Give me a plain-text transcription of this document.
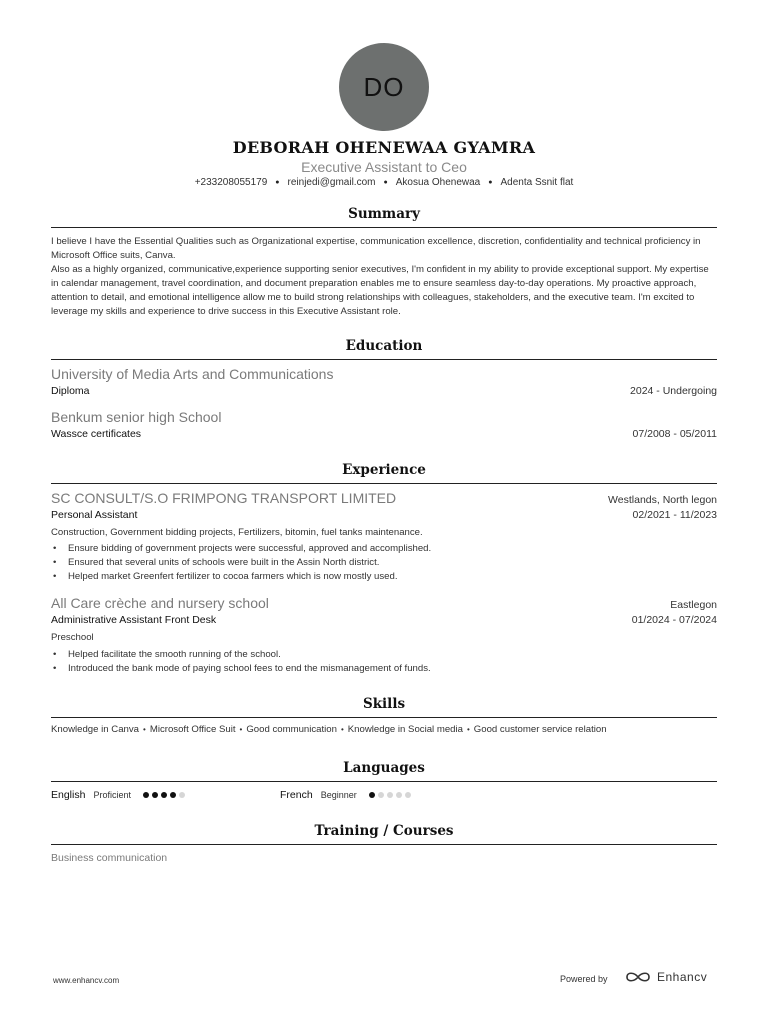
DO
DEBORAH OHENEWAA GYAMRA
Executive Assistant to Ceo
+233208055179 ● reinjedi@gmail.com ● Akosua Ohenewaa ● Adenta Ssnit flat
Summary
I believe I have the Essential Qualities such as Organizational expertise, communication excellence, discretion, confidentiality and technical proficiency in Microsoft Office suits, Canva.
Also as a highly organized, communicative,experience supporting senior executives, I'm confident in my ability to provide exceptional support. My expertise in calendar management, travel coordination, and document preparation enables me to ensure seamless day-to-day operations. My proactive approach, attention to detail, and emotional intelligence allow me to build strong relationships with colleagues, stakeholders, and the executive team. I'm excited to leverage my skills and experience to drive success in this Executive Assistant role.
Education
University of Media Arts and Communications
Diploma	2024 - Undergoing
Benkum senior high School
Wassce certificates	07/2008 - 05/2011
Experience
SC CONSULT/S.O FRIMPONG TRANSPORT LIMITED	Westlands, North legon
Personal Assistant	02/2021 - 11/2023
Construction, Government bidding projects, Fertilizers, bitomin, fuel tanks maintenance.
• Ensure bidding of government projects were successful, approved and accomplished.
• Ensured that several units of schools were built in the Assin North district.
• Helped market Greenfert fertilizer to cocoa farmers which is now mostly used.
All Care crèche and nursery school	Eastlegon
Administrative Assistant Front Desk	01/2024 - 07/2024
Preschool
• Helped facilitate the smooth running of the school.
• Introduced the bank mode of paying school fees to end the mismanagement of funds.
Skills
Knowledge in Canva • Microsoft Office Suit • Good communication • Knowledge in Social media • Good customer service relation
Languages
English Proficient	French Beginner
Training / Courses
Business communication
www.enhancv.com	Powered by	Enhancv
